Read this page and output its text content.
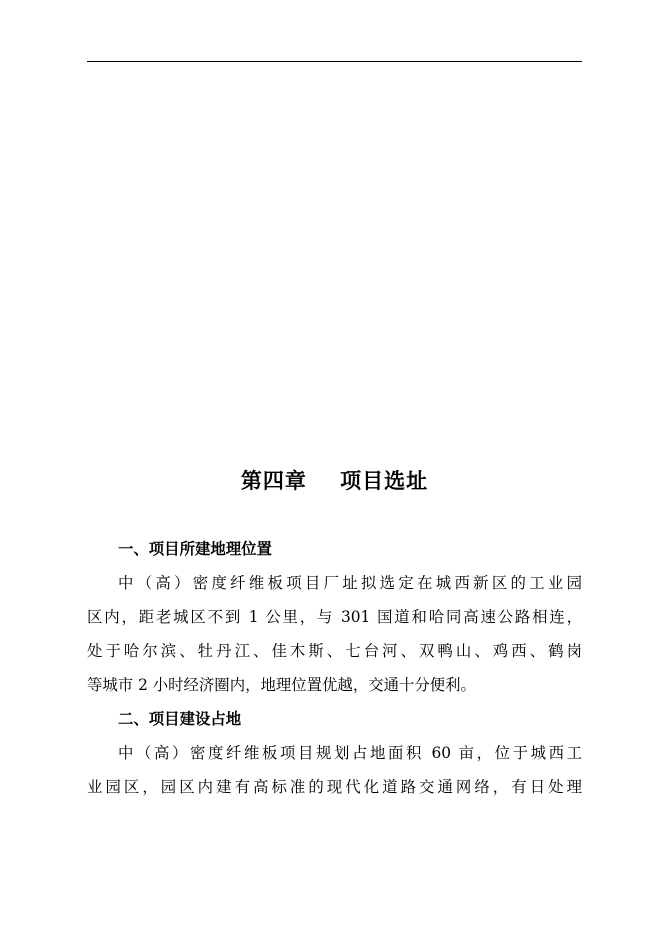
第四章    项目选址
一、项目所建地理位置
中（高）密度纤维板项目厂址拟选定在城西新区的工业园
区内，距老城区不到 1 公里，与 301 国道和哈同高速公路相连，
处于哈尔滨、牡丹江、佳木斯、七台河、双鸭山、鸡西、鹤岗
等城市 2 小时经济圈内，地理位置优越，交通十分便利。
二、项目建设占地
中（高）密度纤维板项目规划占地面积 60 亩，位于城西工
业园区，园区内建有高标准的现代化道路交通网络，有日处理
